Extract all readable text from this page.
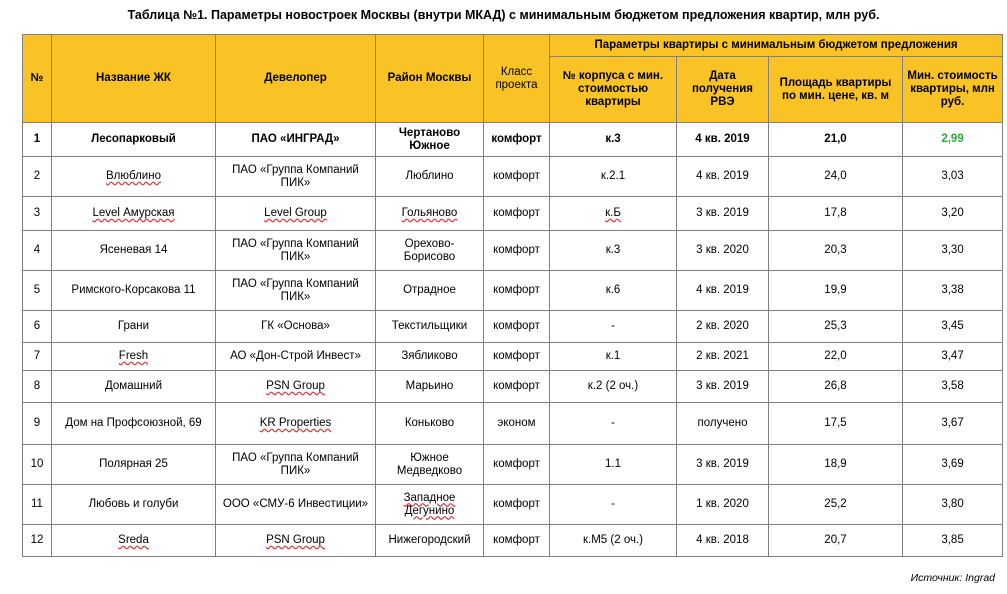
Таблица №1. Параметры новостроек Москвы (внутри МКАД) с минимальным бюджетом предложения квартир, млн руб.
№	Название ЖК	Девелопер	Район Москвы	Класс проекта	Параметры квартиры с минимальным бюджетом предложения			
					№ корпуса с мин. стоимостью квартиры	Дата получения РВЭ	Площадь квартиры по мин. цене, кв. м	Мин. стоимость квартиры, млн руб.
1	Лесопарковый	ПАО «ИНГРАД»	Чертаново Южное	комфорт	к.3	4 кв. 2019	21,0	2,99
2	Влюблино	ПАО «Группа Компаний ПИК»	Люблино	комфорт	к.2.1	4 кв. 2019	24,0	3,03
3	Level Амурская	Level Group	Гольяново	комфорт	к.Б	3 кв. 2019	17,8	3,20
4	Ясеневая 14	ПАО «Группа Компаний ПИК»	Орехово-Борисово	комфорт	к.3	3 кв. 2020	20,3	3,30
5	Римского-Корсакова 11	ПАО «Группа Компаний ПИК»	Отрадное	комфорт	к.6	4 кв. 2019	19,9	3,38
6	Грани	ГК «Основа»	Текстильщики	комфорт	-	2 кв. 2020	25,3	3,45
7	Fresh	АО «Дон-Строй Инвест»	Зябликово	комфорт	к.1	2 кв. 2021	22,0	3,47
8	Домашний	PSN Group	Марьино	комфорт	к.2 (2 оч.)	3 кв. 2019	26,8	3,58
9	Дом на Профсоюзной, 69	KR Properties	Коньково	эконом	-	получено	17,5	3,67
10	Полярная 25	ПАО «Группа Компаний ПИК»	Южное Медведково	комфорт	1.1	3 кв. 2019	18,9	3,69
11	Любовь и голуби	ООО «СМУ-6 Инвестиции»	Западное Дегунино	комфорт	-	1 кв. 2020	25,2	3,80
12	Sreda	PSN Group	Нижегородский	комфорт	к.М5 (2 оч.)	4 кв. 2018	20,7	3,85
Источник: Ingrad
